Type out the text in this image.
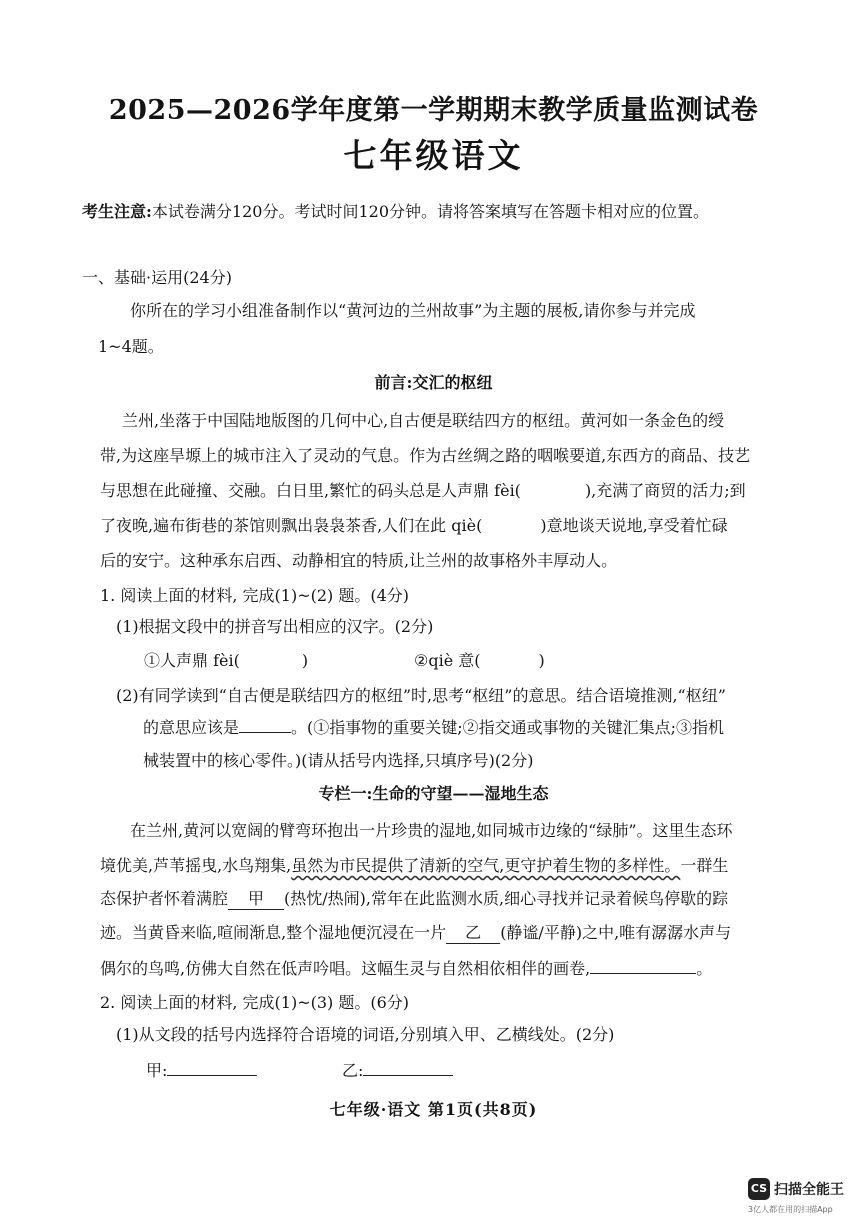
2025—2026学年度第一学期期末教学质量监测试卷
七年级语文
考生注意:本试卷满分120分。考试时间120分钟。请将答案填写在答题卡相对应的位置。
一、基础·运用(24分)
你所在的学习小组准备制作以“黄河边的兰州故事”为主题的展板,请你参与并完成
1~4题。
前言:交汇的枢纽
兰州,坐落于中国陆地版图的几何中心,自古便是联结四方的枢纽。黄河如一条金色的绶
带,为这座旱塬上的城市注入了灵动的气息。作为古丝绸之路的咽喉要道,东西方的商品、技艺
与思想在此碰撞、交融。白日里,繁忙的码头总是人声鼎 fèi(	),充满了商贸的活力;到
了夜晚,遍布街巷的茶馆则飘出袅袅茶香,人们在此 qiè(	)意地谈天说地,享受着忙碌
后的安宁。这种承东启西、动静相宜的特质,让兰州的故事格外丰厚动人。
1. 阅读上面的材料, 完成(1)~(2) 题。(4分)
(1)根据文段中的拼音写出相应的汉字。(2分)
①人声鼎 fèi(	)	②qiè 意(	)
(2)有同学读到“自古便是联结四方的枢纽”时,思考“枢纽”的意思。结合语境推测,“枢纽”
的意思应该是	。(①指事物的重要关键;②指交通或事物的关键汇集点;③指机
械装置中的核心零件。)(请从括号内选择,只填序号)(2分)
专栏一:生命的守望——湿地生态
在兰州,黄河以宽阔的臂弯环抱出一片珍贵的湿地,如同城市边缘的“绿肺”。这里生态环
境优美,芦苇摇曳,水鸟翔集,虽然为市民提供了清新的空气,更守护着生物的多样性。一群生
态保护者怀着满腔 甲 (热忱/热闹),常年在此监测水质,细心寻找并记录着候鸟停歇的踪
迹。当黄昏来临,喧闹渐息,整个湿地便沉浸在一片 乙 (静谧/平静)之中,唯有潺潺水声与
偶尔的鸟鸣,仿佛大自然在低声吟唱。这幅生灵与自然相依相伴的画卷,	。
2. 阅读上面的材料, 完成(1)~(3) 题。(6分)
(1)从文段的括号内选择符合语境的词语,分别填入甲、乙横线处。(2分)
甲:	乙:
七年级·语文 第1页(共8页)
CS 扫描全能王
3亿人都在用的扫描App
